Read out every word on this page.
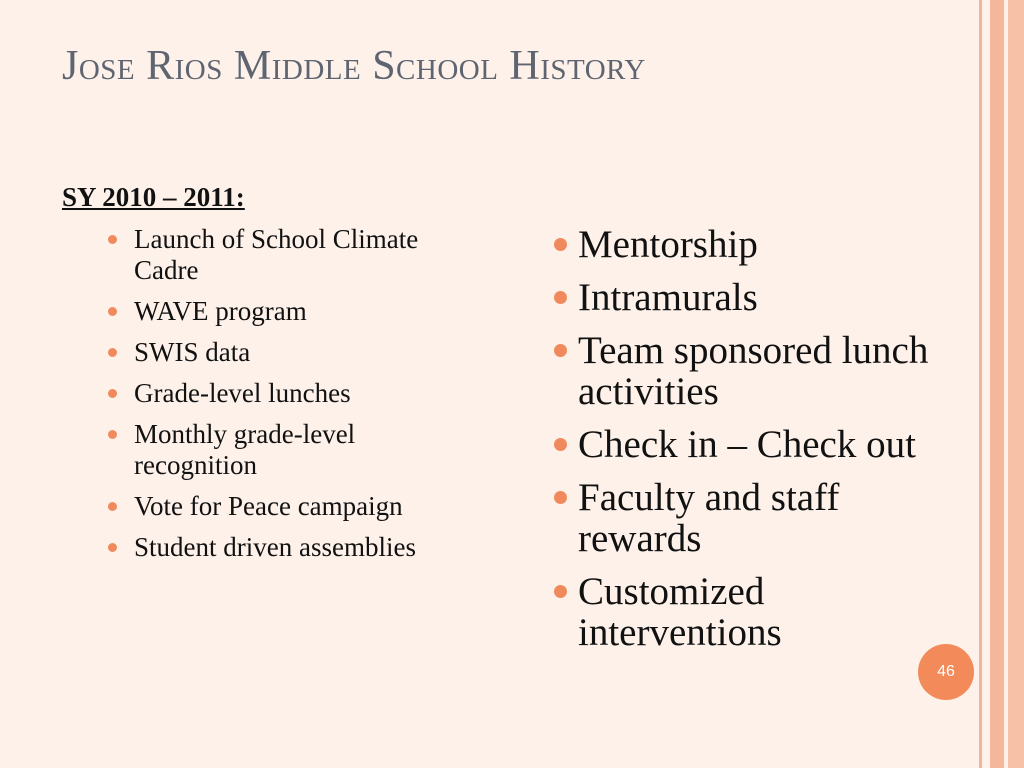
Jose Rios Middle School History
SY 2010 – 2011:
Launch of School Climate Cadre
WAVE program
SWIS data
Grade-level lunches
Monthly grade-level recognition
Vote for Peace campaign
Student driven assemblies
Mentorship
Intramurals
Team sponsored lunch activities
Check in – Check out
Faculty and staff rewards
Customized interventions
46
